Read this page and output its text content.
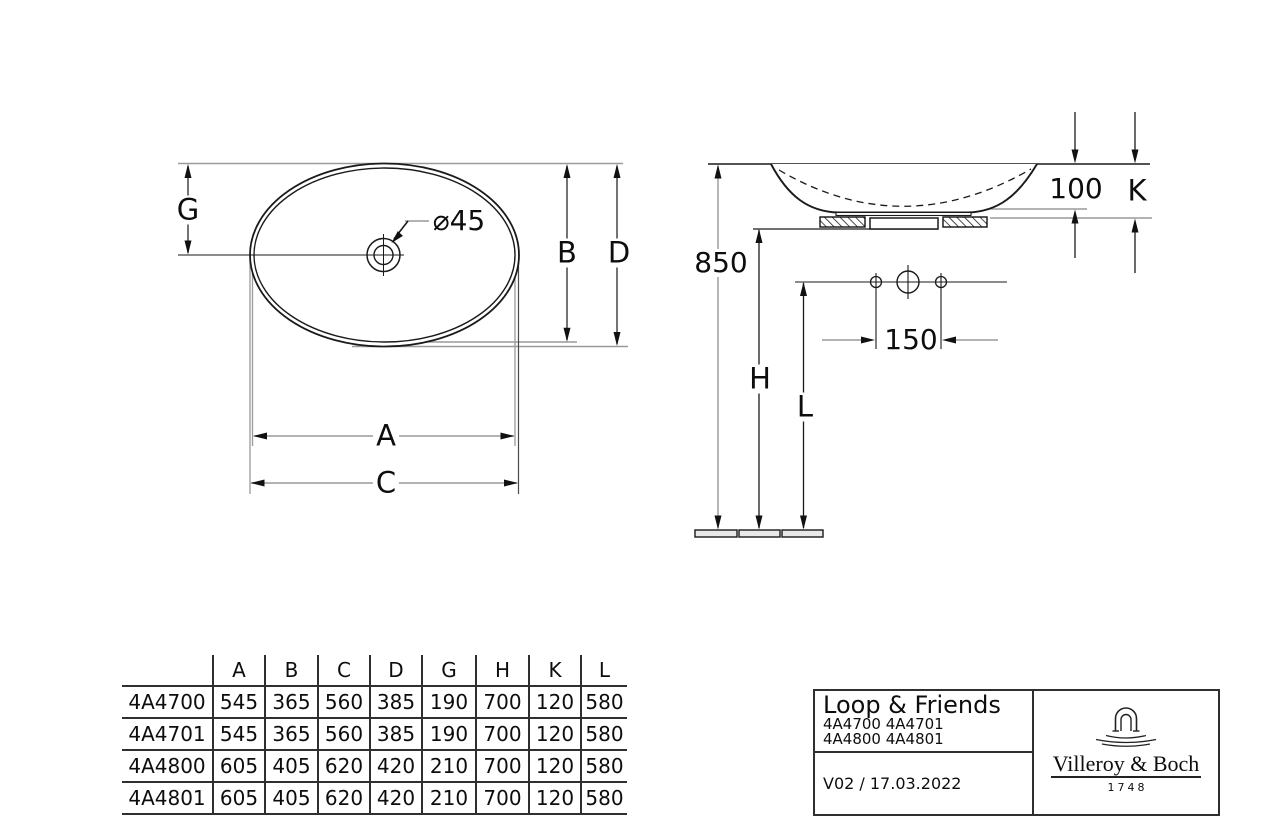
G
B D
A
C
⌀45
850
100 K
H
L
150
	A	B	C	D	G	H	K	L
4A4700	545	365	560	385	190	700	120	580
4A4701	545	365	560	385	190	700	120	580
4A4800	605	405	620	420	210	700	120	580
4A4801	605	405	620	420	210	700	120	580
Loop & Friends
4A4700 4A4701
4A4800 4A4801
V02 / 17.03.2022
Villeroy & Boch
1748
